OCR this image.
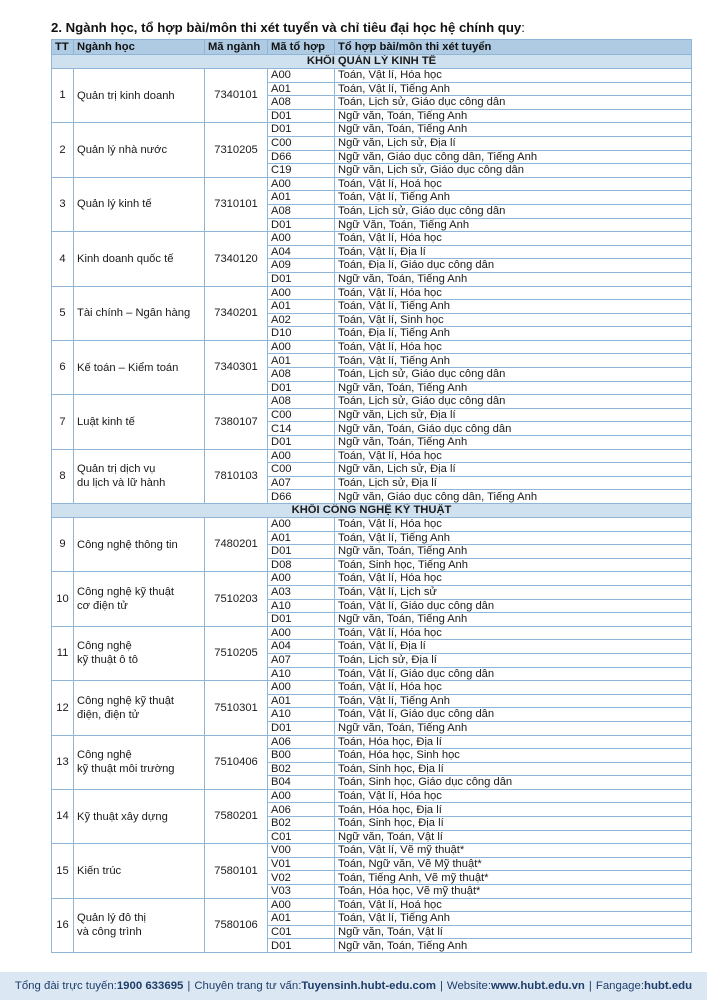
2. Ngành học, tổ hợp bài/môn thi xét tuyển và chỉ tiêu đại học hệ chính quy:
TT	Ngành học	Mã ngành	Mã tổ hợp	Tổ hợp bài/môn thi xét tuyển
KHỐI QUẢN LÝ KINH TẾ				
1	Quản trị kinh doanh	7340101	A00	Toán, Vật lí, Hóa học
			A01	Toán, Vật lí, Tiếng Anh
			A08	Toán, Lịch sử, Giáo dục công dân
			D01	Ngữ văn, Toán, Tiếng Anh
2	Quản lý nhà nước	7310205	D01	Ngữ văn, Toán, Tiếng Anh
			C00	Ngữ văn, Lịch sử, Địa lí
			D66	Ngữ văn, Giáo dục công dân, Tiếng Anh
			C19	Ngữ văn, Lịch sử, Giáo dục công dân
3	Quản lý kinh tế	7310101	A00	Toán, Vật lí, Hoá học
			A01	Toán, Vật lí, Tiếng Anh
			A08	Toán, Lịch sử, Giáo dục công dân
			D01	Ngữ Văn, Toán, Tiếng Anh
4	Kinh doanh quốc tế	7340120	A00	Toán, Vật lí, Hóa học
			A04	Toán, Vật lí, Địa lí
			A09	Toán, Địa lí, Giáo dục công dân
			D01	Ngữ văn, Toán, Tiếng Anh
5	Tài chính – Ngân hàng	7340201	A00	Toán, Vật lí, Hóa học
			A01	Toán, Vật lí, Tiếng Anh
			A02	Toán, Vật lí, Sinh học
			D10	Toán, Địa lí, Tiếng Anh
6	Kế toán – Kiểm toán	7340301	A00	Toán, Vật lí, Hóa học
			A01	Toán, Vật lí, Tiếng Anh
			A08	Toán, Lịch sử, Giáo dục công dân
			D01	Ngữ văn, Toán, Tiếng Anh
7	Luật kinh tế	7380107	A08	Toán, Lịch sử, Giáo dục công dân
			C00	Ngữ văn, Lịch sử, Địa lí
			C14	Ngữ văn, Toán, Giáo dục công dân
			D01	Ngữ văn, Toán, Tiếng Anh
8	Quản trị dịch vụ
du lịch và lữ hành	7810103	A00	Toán, Vật lí, Hóa học
			C00	Ngữ văn, Lịch sử, Địa lí
			A07	Toán, Lịch sử, Địa lí
			D66	Ngữ văn, Giáo dục công dân, Tiếng Anh
KHỐI CÔNG NGHỆ KỸ THUẬT				
9	Công nghệ thông tin	7480201	A00	Toán, Vật lí, Hóa học
			A01	Toán, Vật lí, Tiếng Anh
			D01	Ngữ văn, Toán, Tiếng Anh
			D08	Toán, Sinh học, Tiếng Anh
10	Công nghệ kỹ thuật
cơ điện tử	7510203	A00	Toán, Vật lí, Hóa học
			A03	Toán, Vật lí, Lịch sử
			A10	Toán, Vật lí, Giáo dục công dân
			D01	Ngữ văn, Toán, Tiếng Anh
11	Công nghệ
kỹ thuật ô tô	7510205	A00	Toán, Vật lí, Hóa học
			A04	Toán, Vật lí, Địa lí
			A07	Toán, Lịch sử, Địa lí
			A10	Toán, Vật lí, Giáo dục công dân
12	Công nghệ kỹ thuật
điện, điện tử	7510301	A00	Toán, Vật lí, Hóa học
			A01	Toán, Vật lí, Tiếng Anh
			A10	Toán, Vật lí, Giáo dục công dân
			D01	Ngữ văn, Toán, Tiếng Anh
13	Công nghệ
kỹ thuật môi trường	7510406	A06	Toán, Hóa học, Địa lí
			B00	Toán, Hóa học, Sinh học
			B02	Toán, Sinh học, Địa lí
			B04	Toán, Sinh học, Giáo dục công dân
14	Kỹ thuật xây dựng	7580201	A00	Toán, Vật lí, Hóa học
			A06	Toán, Hóa học, Địa lí
			B02	Toán, Sinh học, Địa lí
			C01	Ngữ văn, Toán, Vật lí
15	Kiến trúc	7580101	V00	Toán, Vật lí, Vẽ mỹ thuật*
			V01	Toán, Ngữ văn, Vẽ Mỹ thuật*
			V02	Toán, Tiếng Anh, Vẽ mỹ thuật*
			V03	Toán, Hóa học, Vẽ mỹ thuật*
16	Quản lý đô thị
và công trình	7580106	A00	Toán, Vật lí, Hoá học
			A01	Toán, Vật lí, Tiếng Anh
			C01	Ngữ văn, Toán, Vật lí
			D01	Ngữ văn, Toán, Tiếng Anh
Tổng đài trực tuyến: 1900 633695 | Chuyên trang tư vấn: Tuyensinh.hubt-edu.com | Website: www.hubt.edu.vn | Fangage: hubt.edu
